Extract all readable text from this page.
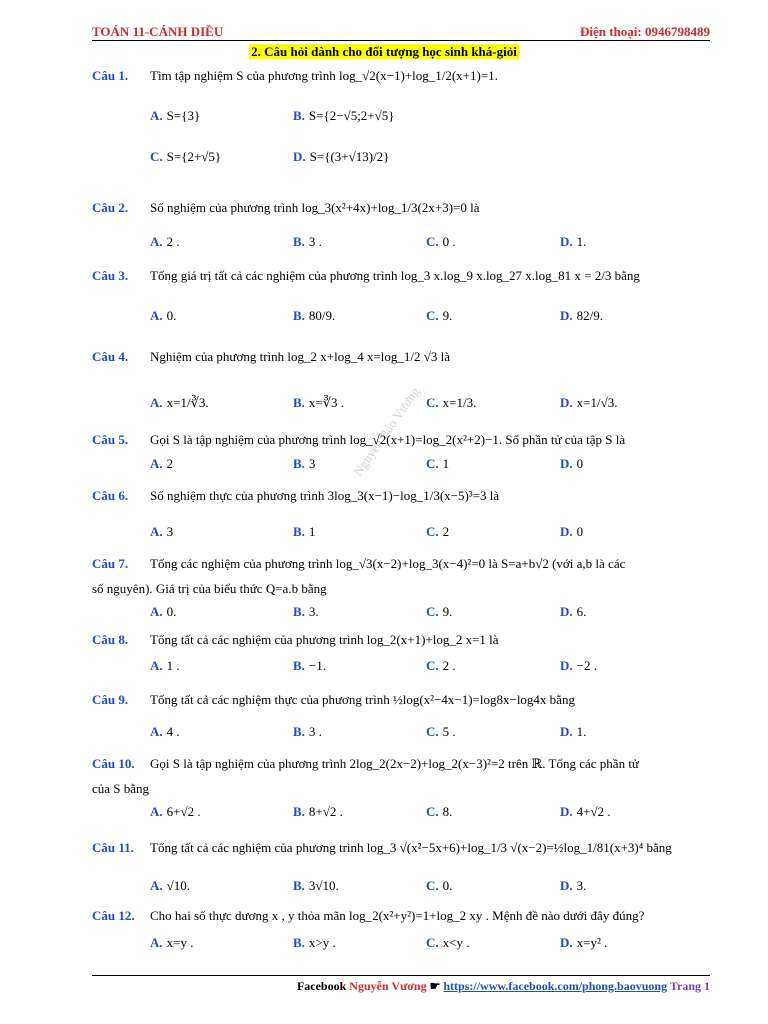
TOÁN 11-CÁNH DIỀU	Điện thoại: 0946798489
2. Câu hỏi dành cho đối tượng học sinh khá-giỏi
Nguyễn Bảo Vương
Câu 1.	Tìm tập nghiệm S của phương trình log_√2(x−1)+log_1/2(x+1)=1.
A. S={3}	B. S={2−√5;2+√5}
C. S={2+√5}	D. S={(3+√13)/2}
Câu 2.	Số nghiệm của phương trình log_3(x²+4x)+log_1/3(2x+3)=0 là
A. 2 .	B. 3 .	C. 0 .	D. 1.
Câu 3.	Tổng giá trị tất cả các nghiệm của phương trình log_3 x.log_9 x.log_27 x.log_81 x = 2/3 bằng
A. 0.	B. 80/9.	C. 9.	D. 82/9.
Câu 4.	Nghiệm của phương trình log_2 x+log_4 x=log_1/2 √3 là
A. x=1/∛3.	B. x=∛3 .	C. x=1/3.	D. x=1/√3.
Câu 5.	Gọi S là tập nghiệm của phương trình log_√2(x+1)=log_2(x²+2)−1. Số phần tử của tập S là
A. 2	B. 3	C. 1	D. 0
Câu 6.	Số nghiệm thực của phương trình 3log_3(x−1)−log_1/3(x−5)³=3 là
A. 3	B. 1	C. 2	D. 0
Câu 7.	Tổng các nghiệm của phương trình log_√3(x−2)+log_3(x−4)²=0 là S=a+b√2 (với a,b là các
số nguyên). Giá trị của biểu thức Q=a.b bằng
A. 0.	B. 3.	C. 9.	D. 6.
Câu 8.	Tổng tất cả các nghiệm của phương trình log_2(x+1)+log_2 x=1 là
A. 1 .	B. −1.	C. 2 .	D. −2 .
Câu 9.	Tổng tất cả các nghiệm thực của phương trình ½log(x²−4x−1)=log8x−log4x bằng
A. 4 .	B. 3 .	C. 5 .	D. 1.
Câu 10.	Gọi S là tập nghiệm của phương trình 2log_2(2x−2)+log_2(x−3)²=2 trên ℝ. Tổng các phần tử
của S bằng
A. 6+√2 .	B. 8+√2 .	C. 8.	D. 4+√2 .
Câu 11.	Tổng tất cả các nghiệm của phương trình log_3 √(x²−5x+6)+log_1/3 √(x−2)=½log_1/81(x+3)⁴ bằng
A. √10.	B. 3√10.	C. 0.	D. 3.
Câu 12.	Cho hai số thực dương x , y thỏa mãn log_2(x²+y²)=1+log_2 xy . Mệnh đề nào dưới đây đúng?
A. x=y .	B. x>y .	C. x<y .	D. x=y² .
Facebook Nguyễn Vương ☛ https://www.facebook.com/phong.baovuong Trang 1
